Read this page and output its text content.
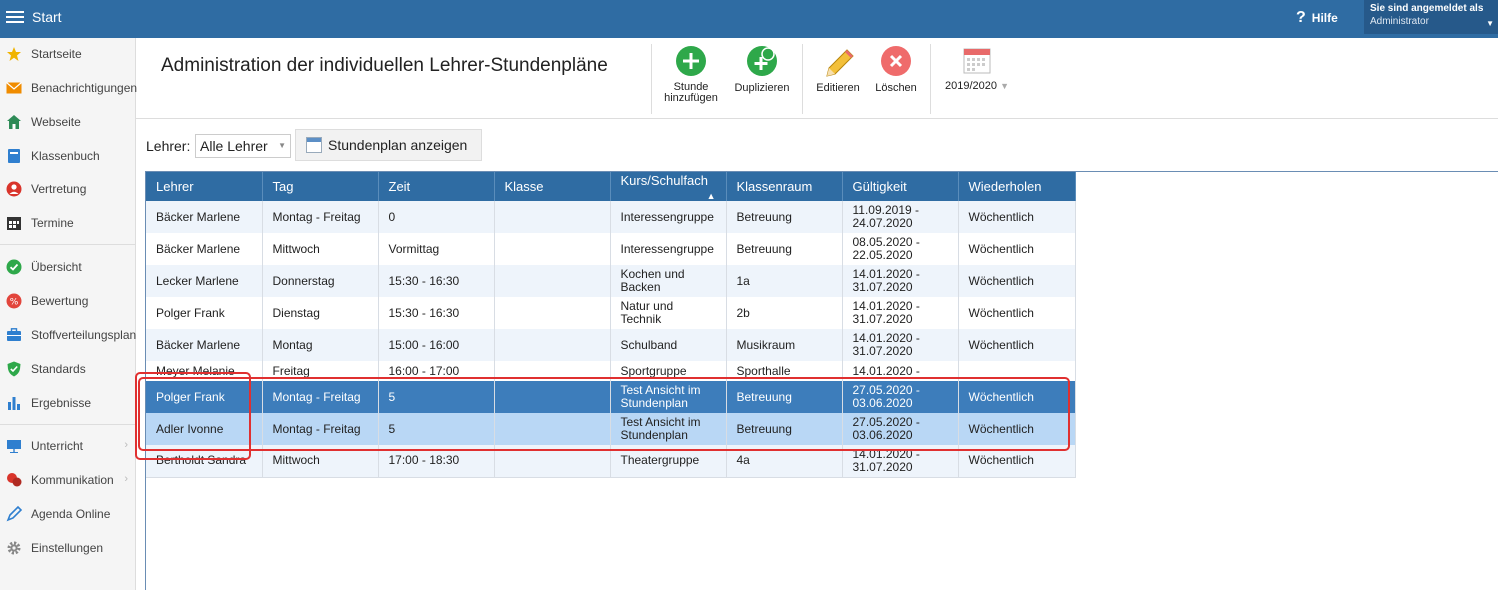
Start	? Hilfe
Sie sind angemeldet als
Administrator	▼
Startseite
Benachrichtigungen
Webseite
Klassenbuch
Vertretung
Termine
Übersicht
% Bewertung
Stoffverteilungsplan
Standards
Ergebnisse
Unterricht	›
Kommunikation ›
Agenda Online
Einstellungen
Administration der individuellen Lehrer-Stundenpläne
Stunde
hinzufügen
Duplizieren	Editieren	Löschen	2019/2020 ▼
Lehrer: Alle Lehrer ▼	Stundenplan anzeigen
Lehrer	Tag	Zeit	Klasse	Kurs/Schulfach
▲	Klassenraum	Gültigkeit	Wiederholen
Bäcker Marlene	Montag - Freitag	0		Interessengruppe	Betreuung	11.09.2019 -
24.07.2020	Wöchentlich
Bäcker Marlene	Mittwoch	Vormittag		Interessengruppe	Betreuung	08.05.2020 -
22.05.2020	Wöchentlich
Lecker Marlene	Donnerstag	15:30 - 16:30		Kochen und Backen	1a	14.01.2020 -
31.07.2020	Wöchentlich
Polger Frank	Dienstag	15:30 - 16:30		Natur und Technik	2b	14.01.2020 -
31.07.2020	Wöchentlich
Bäcker Marlene	Montag	15:00 - 16:00		Schulband	Musikraum	14.01.2020 -
31.07.2020	Wöchentlich
Meyer Melanie	Freitag	16:00 - 17:00		Sportgruppe	Sporthalle	14.01.2020 -	

Polger Frank	Montag - Freitag	5		Test Ansicht im Stundenplan	Betreuung	27.05.2020 -
03.06.2020	Wöchentlich
Adler Ivonne	Montag - Freitag	5		Test Ansicht im Stundenplan	Betreuung	27.05.2020 -
03.06.2020	Wöchentlich
Bertholdt Sandra	Mittwoch	17:00 - 18:30		Theatergruppe	4a	14.01.2020 -
31.07.2020	Wöchentlich
